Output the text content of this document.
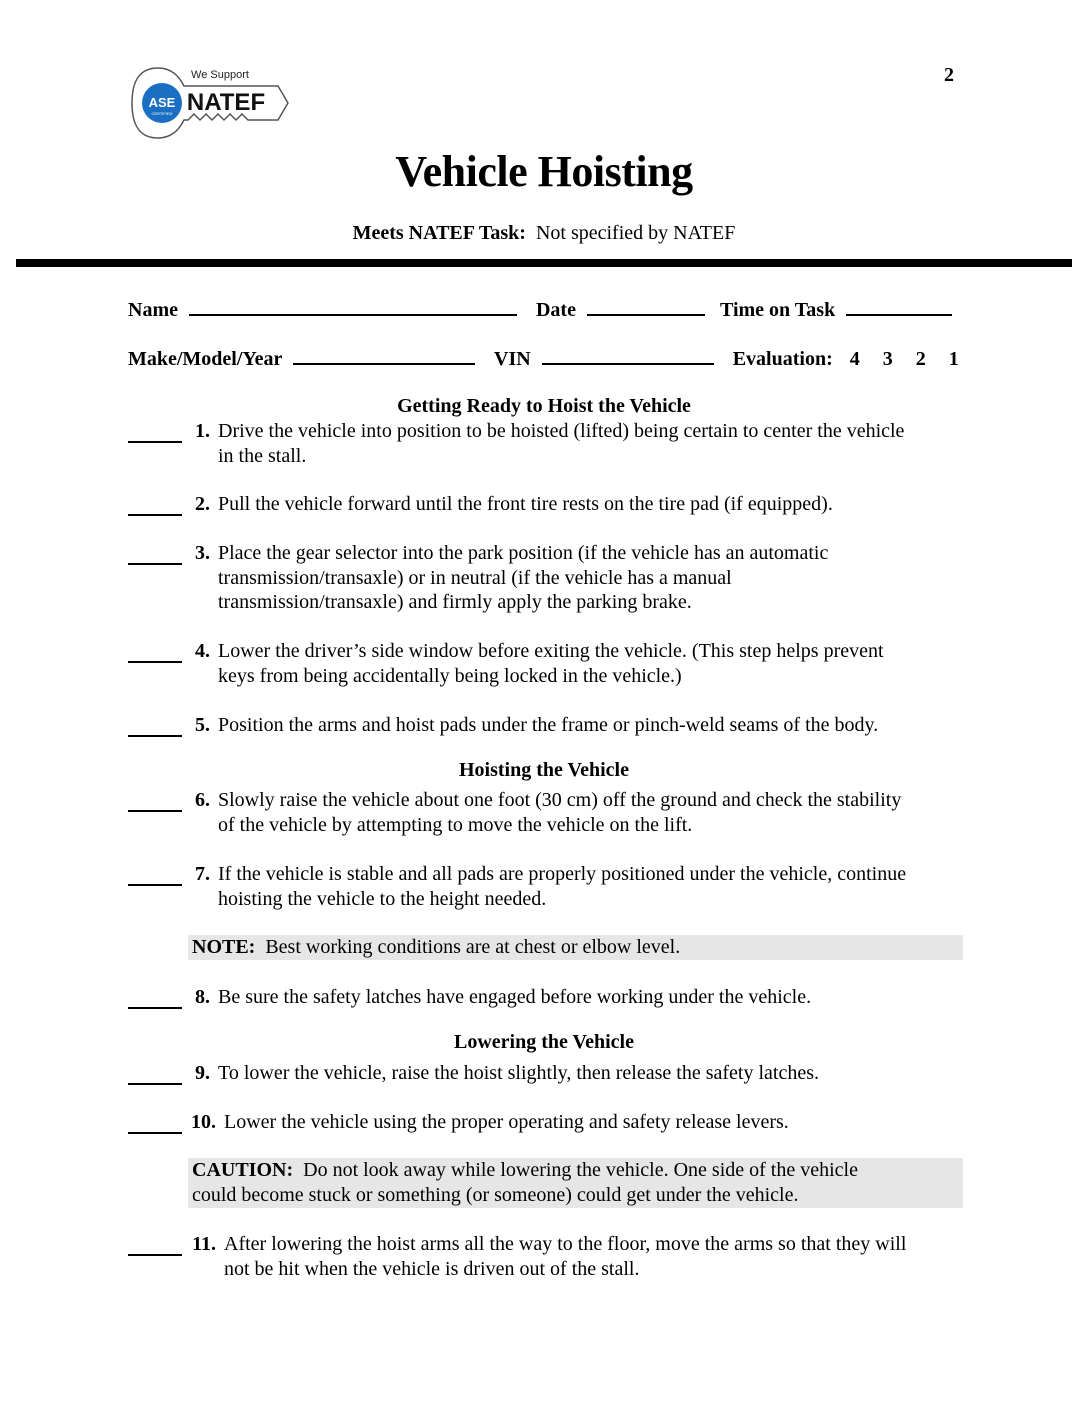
ASE
CERTIFIED
We Support
NATEF
2
Vehicle Hoisting
Meets NATEF Task: Not specified by NATEF
Name	Date	Time on Task
Make/Model/Year	VIN	Evaluation: 4 3 2 1
Getting Ready to Hoist the Vehicle
1. Drive the vehicle into position to be hoisted (lifted) being certain to center the vehicle
in the stall.
2. Pull the vehicle forward until the front tire rests on the tire pad (if equipped).
3. Place the gear selector into the park position (if the vehicle has an automatic
transmission/transaxle) or in neutral (if the vehicle has a manual
transmission/transaxle) and firmly apply the parking brake.
4. Lower the driver’s side window before exiting the vehicle. (This step helps prevent
keys from being accidentally being locked in the vehicle.)
5. Position the arms and hoist pads under the frame or pinch-weld seams of the body.
Hoisting the Vehicle
6. Slowly raise the vehicle about one foot (30 cm) off the ground and check the stability
of the vehicle by attempting to move the vehicle on the lift.
7. If the vehicle is stable and all pads are properly positioned under the vehicle, continue
hoisting the vehicle to the height needed.
NOTE: Best working conditions are at chest or elbow level.
8. Be sure the safety latches have engaged before working under the vehicle.
Lowering the Vehicle
9. To lower the vehicle, raise the hoist slightly, then release the safety latches.
10. Lower the vehicle using the proper operating and safety release levers.
CAUTION: Do not look away while lowering the vehicle. One side of the vehicle
could become stuck or something (or someone) could get under the vehicle.
11. After lowering the hoist arms all the way to the floor, move the arms so that they will
not be hit when the vehicle is driven out of the stall.
